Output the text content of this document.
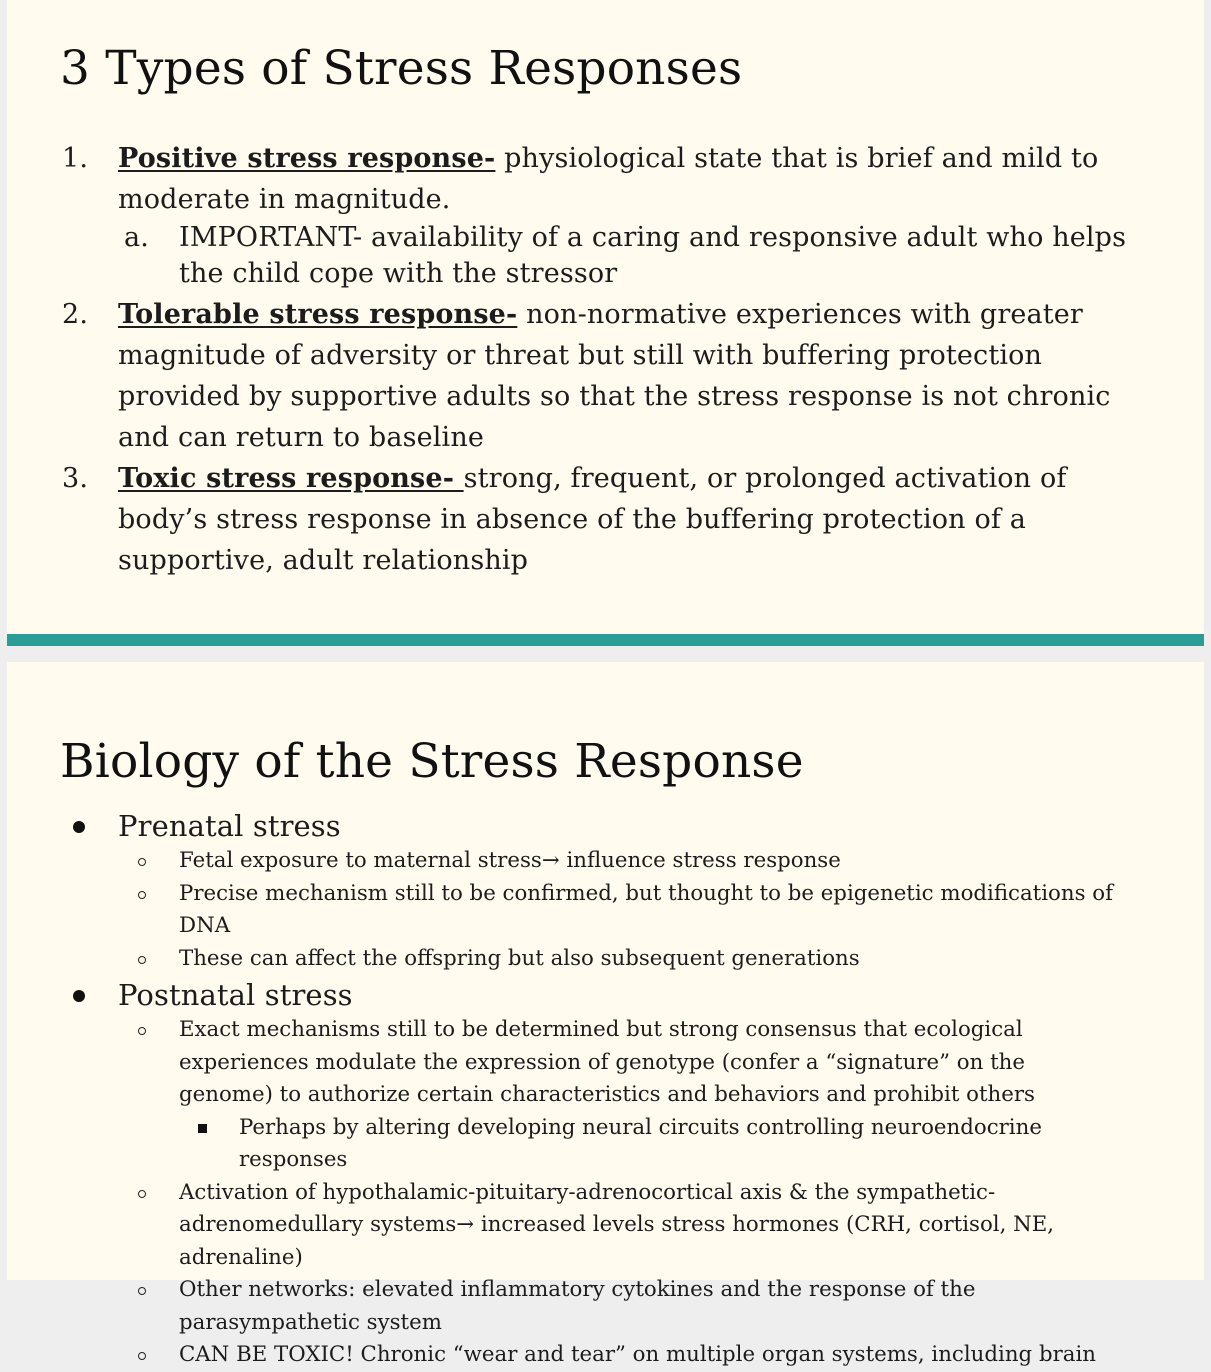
3 Types of Stress Responses
1. Positive stress response- physiological state that is brief and mild to moderate in magnitude.
a. IMPORTANT- availability of a caring and responsive adult who helps the child cope with the stressor
2. Tolerable stress response- non-normative experiences with greater magnitude of adversity or threat but still with buffering protection provided by supportive adults so that the stress response is not chronic and can return to baseline
3. Toxic stress response- strong, frequent, or prolonged activation of body’s stress response in absence of the buffering protection of a supportive, adult relationship
Biology of the Stress Response
Prenatal stress
Fetal exposure to maternal stress→ influence stress response
Precise mechanism still to be confirmed, but thought to be epigenetic modifications of DNA
These can affect the offspring but also subsequent generations
Postnatal stress
Exact mechanisms still to be determined but strong consensus that ecological experiences modulate the expression of genotype (confer a “signature” on the genome) to authorize certain characteristics and behaviors and prohibit others
Perhaps by altering developing neural circuits controlling neuroendocrine responses
Activation of hypothalamic-pituitary-adrenocortical axis & the sympathetic-adrenomedullary systems→ increased levels stress hormones (CRH, cortisol, NE, adrenaline)
Other networks: elevated inflammatory cytokines and the response of the parasympathetic system
CAN BE TOXIC! Chronic “wear and tear” on multiple organ systems, including brain
